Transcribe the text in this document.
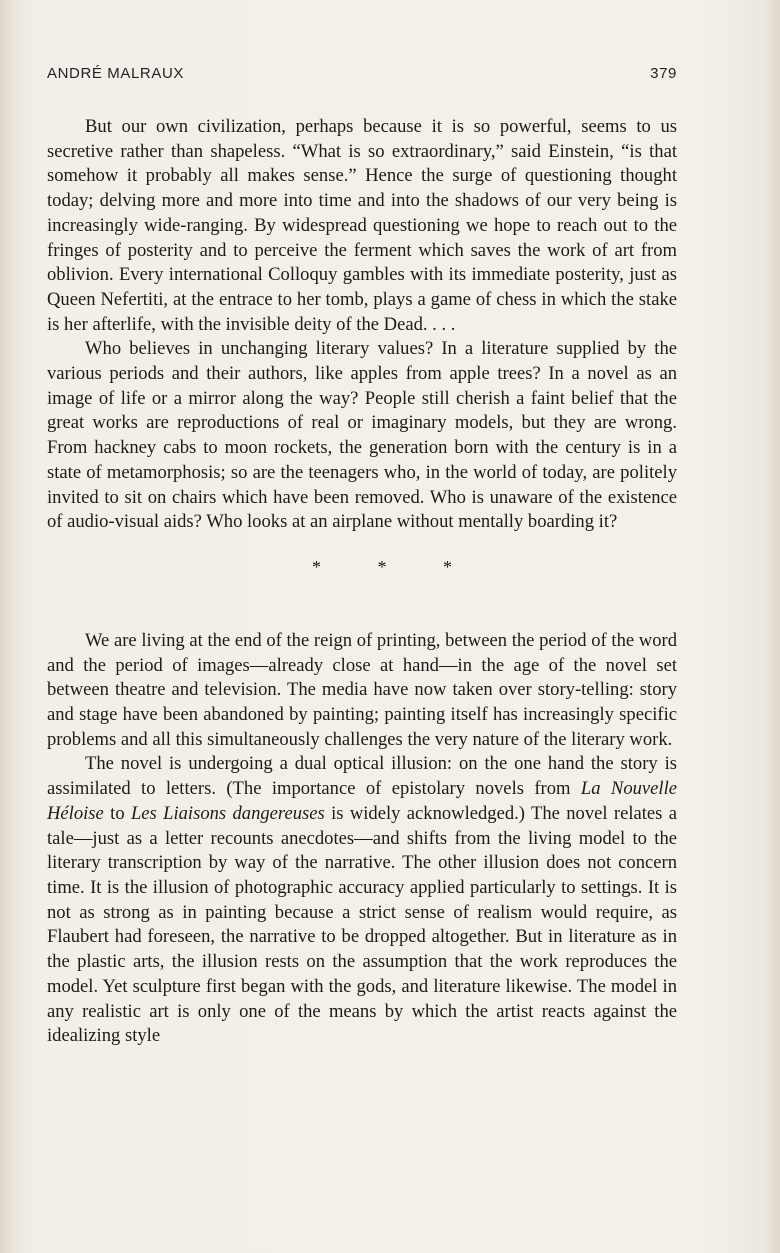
ANDRÉ MALRAUX	379

But our own civilization, perhaps because it is so powerful, seems to us secretive rather than shapeless. “What is so extraordinary,” said Einstein, “is that somehow it probably all makes sense.” Hence the surge of questioning thought today; delving more and more into time and into the shadows of our very being is increasingly wide-ranging. By widespread questioning we hope to reach out to the fringes of posterity and to perceive the ferment which saves the work of art from oblivion. Every international Colloquy gambles with its immediate posterity, just as Queen Nefertiti, at the entrace to her tomb, plays a game of chess in which the stake is her afterlife, with the invisible deity of the Dead. . . .

Who believes in unchanging literary values? In a literature supplied by the various periods and their authors, like apples from apple trees? In a novel as an image of life or a mirror along the way? People still cherish a faint belief that the great works are reproductions of real or imaginary models, but they are wrong. From hackney cabs to moon rockets, the generation born with the century is in a state of metamorphosis; so are the teenagers who, in the world of today, are politely invited to sit on chairs which have been removed. Who is unaware of the existence of audio-visual aids? Who looks at an airplane without mentally boarding it?

*	*	*

We are living at the end of the reign of printing, between the period of the word and the period of images—already close at hand—in the age of the novel set between theatre and television. The media have now taken over story-telling: story and stage have been abandoned by painting; painting itself has increasingly specific problems and all this simultaneously challenges the very nature of the literary work.

The novel is undergoing a dual optical illusion: on the one hand the story is assimilated to letters. (The importance of epistolary novels from La Nouvelle Héloise to Les Liaisons dangereuses is widely acknowledged.) The novel relates a tale—just as a letter recounts anecdotes—and shifts from the living model to the literary transcription by way of the narrative. The other illusion does not concern time. It is the illusion of photographic accuracy applied particularly to settings. It is not as strong as in painting because a strict sense of realism would require, as Flaubert had foreseen, the narrative to be dropped altogether. But in literature as in the plastic arts, the illusion rests on the assumption that the work reproduces the model. Yet sculpture first began with the gods, and literature likewise. The model in any realistic art is only one of the means by which the artist reacts against the idealizing style
